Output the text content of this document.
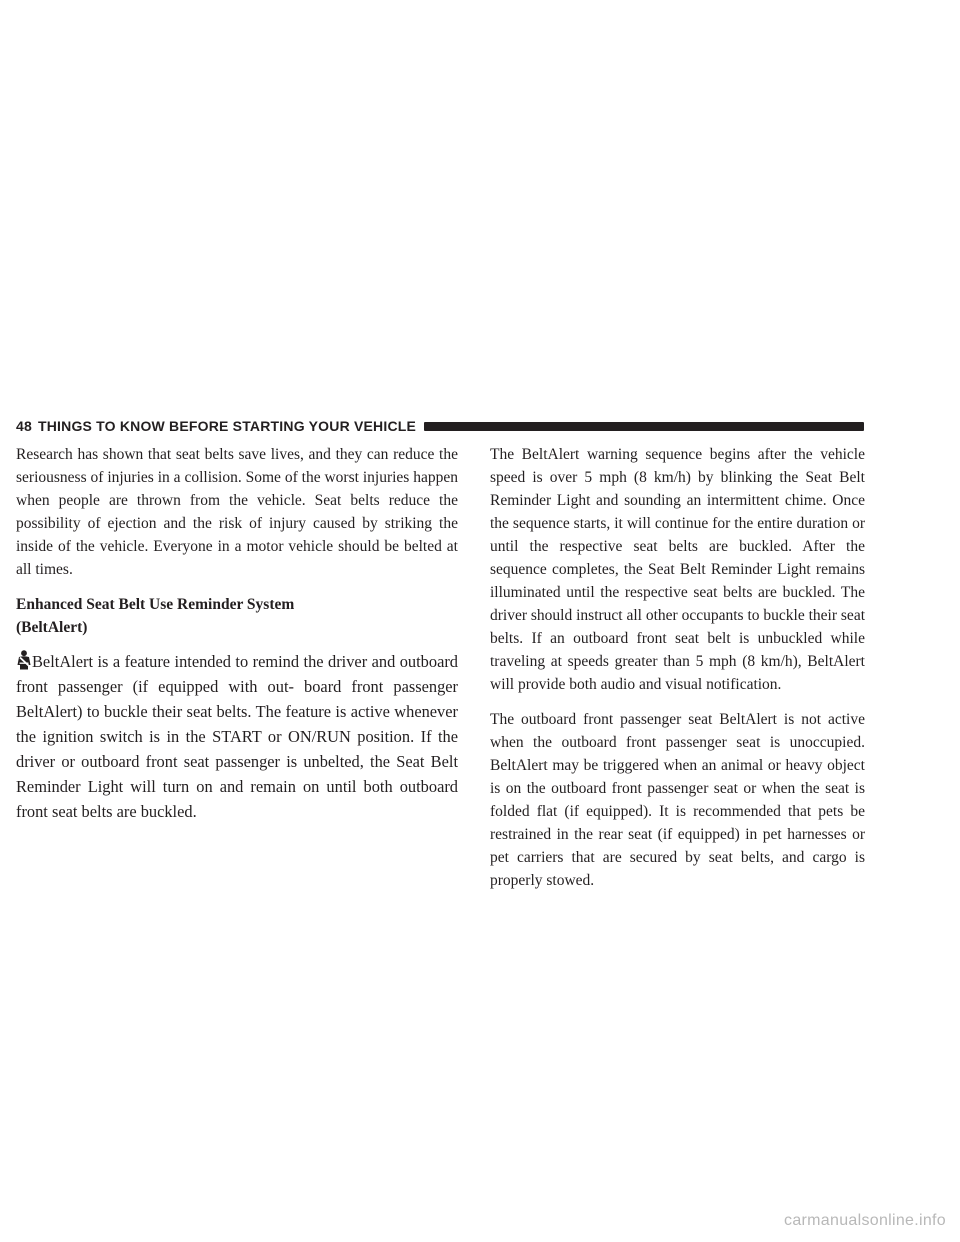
48 THINGS TO KNOW BEFORE STARTING YOUR VEHICLE

Research has shown that seat belts save lives, and they can reduce the seriousness of injuries in a collision. Some of the worst injuries happen when people are thrown from the vehicle. Seat belts reduce the possibility of ejection and the risk of injury caused by striking the inside of the vehicle. Everyone in a motor vehicle should be belted at all times.

Enhanced Seat Belt Use Reminder System
(BeltAlert)

BeltAlert is a feature intended to remind the driver and outboard front passenger (if equipped with out- board front passenger BeltAlert) to buckle their seat belts. The feature is active whenever the ignition switch is in the START or ON/RUN position. If the driver or outboard front seat passenger is unbelted, the Seat Belt Reminder Light will turn on and remain on until both outboard front seat belts are buckled.

The BeltAlert warning sequence begins after the vehicle speed is over 5 mph (8 km/h) by blinking the Seat Belt Reminder Light and sounding an intermittent chime. Once the sequence starts, it will continue for the entire duration or until the respective seat belts are buckled. After the sequence completes, the Seat Belt Reminder Light remains illuminated until the respective seat belts are buckled. The driver should instruct all other occupants to buckle their seat belts. If an outboard front seat belt is unbuckled while traveling at speeds greater than 5 mph (8 km/h), BeltAlert will provide both audio and visual notification.

The outboard front passenger seat BeltAlert is not active when the outboard front passenger seat is unoccupied. BeltAlert may be triggered when an animal or heavy object is on the outboard front passenger seat or when the seat is folded flat (if equipped). It is recommended that pets be restrained in the rear seat (if equipped) in pet harnesses or pet carriers that are secured by seat belts, and cargo is properly stowed.

carmanualsonline.info
